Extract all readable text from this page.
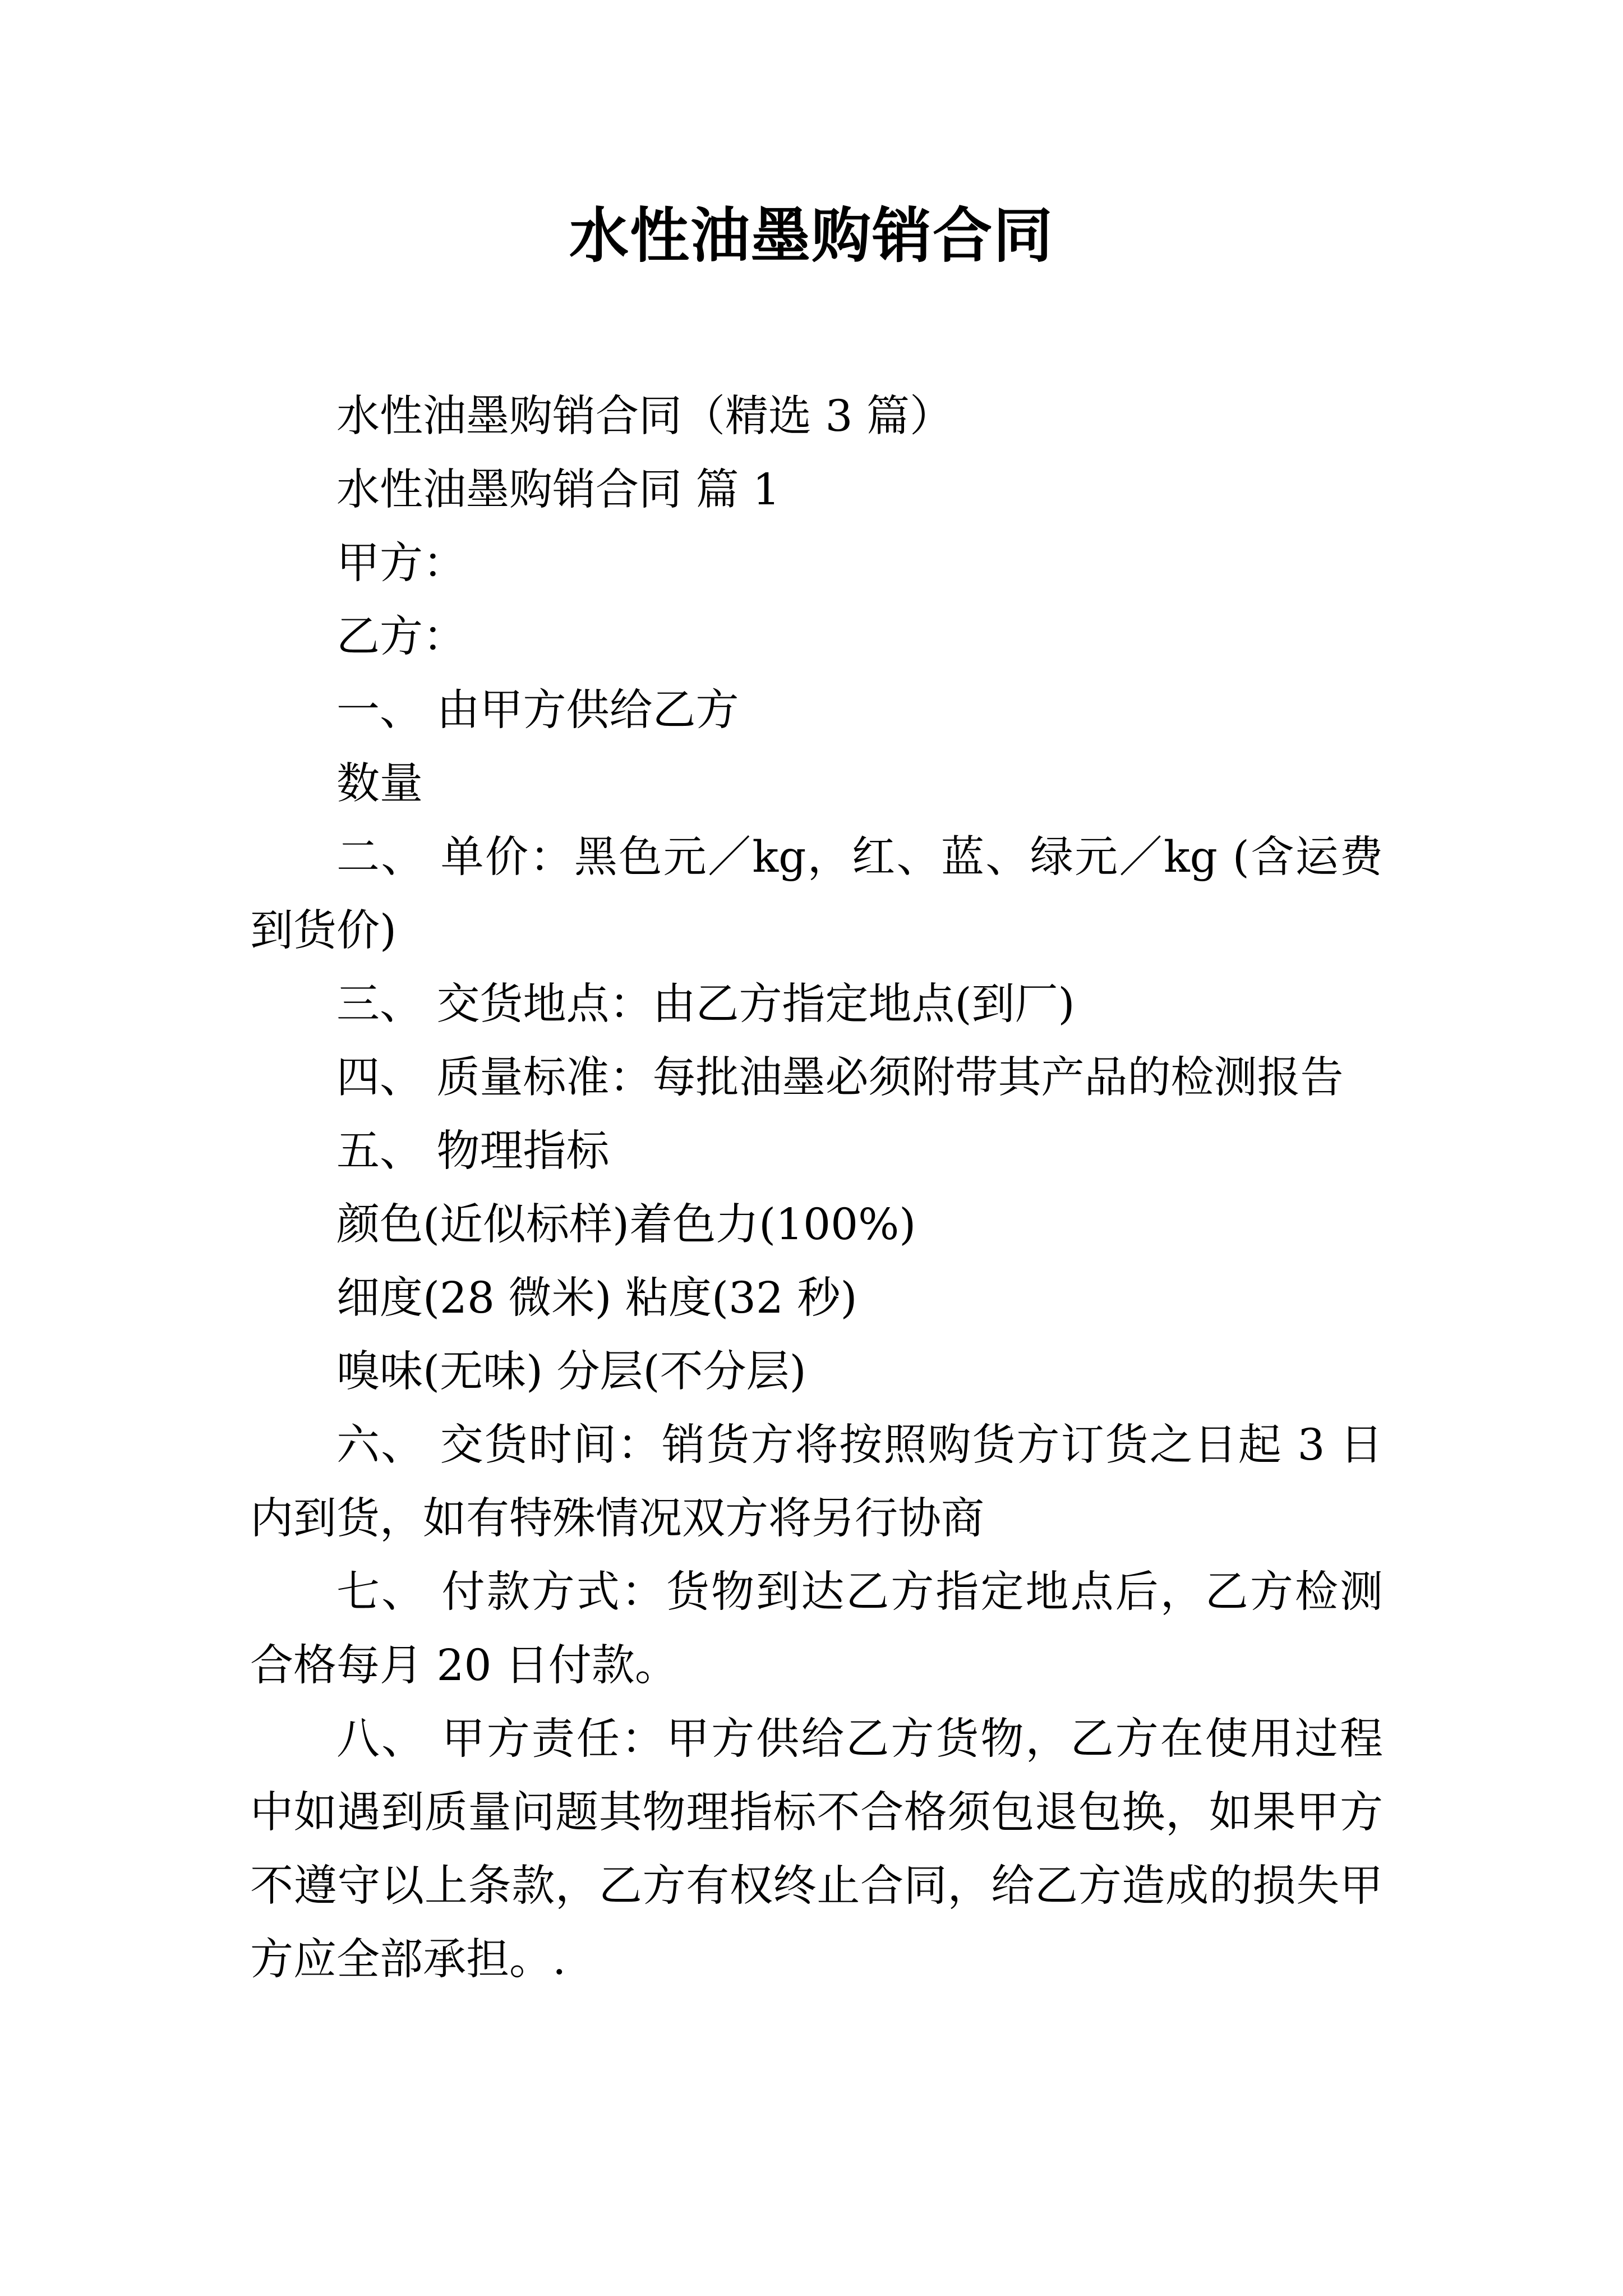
水性油墨购销合同
水性油墨购销合同（精选 3 篇）
水性油墨购销合同 篇 1
甲方：
乙方：
一、 由甲方供给乙方
数量
二、 单价：黑色元／kg，红、蓝、绿元／kg (含运费
到货价)
三、 交货地点：由乙方指定地点(到厂)
四、 质量标准：每批油墨必须附带其产品的检测报告
五、 物理指标
颜色(近似标样)着色力(100%)
细度(28 微米) 粘度(32 秒)
嗅味(无味) 分层(不分层)
六、 交货时间：销货方将按照购货方订货之日起 3 日
内到货，如有特殊情况双方将另行协商
七、 付款方式：货物到达乙方指定地点后，乙方检测
合格每月 20 日付款。
八、 甲方责任：甲方供给乙方货物，乙方在使用过程
中如遇到质量问题其物理指标不合格须包退包换，如果甲方
不遵守以上条款，乙方有权终止合同，给乙方造成的损失甲
方应全部承担。.
